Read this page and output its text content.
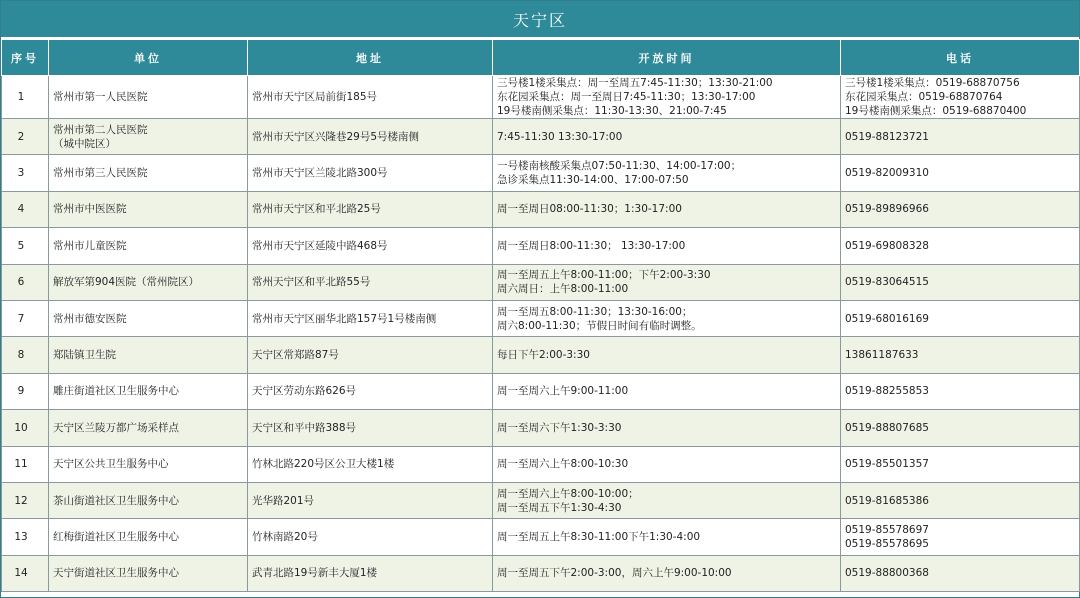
天宁区
序号	单位	地址	开放时间	电话
1	常州市第一人民医院	常州市天宁区局前街185号	三号楼1楼采集点：周一至周五7:45-11:30；13:30-21:00
东花园采集点：周一至周日7:45-11:30；13:30-17:00
19号楼南侧采集点：11:30-13:30、21:00-7:45	三号楼1楼采集点：0519-68870756
东花园采集点：0519-68870764
19号楼南侧采集点：0519-68870400

2	常州市第二人民医院
（城中院区）	常州市天宁区兴隆巷29号5号楼南侧	7:45-11:30 13:30-17:00	0519-88123721

3	常州市第三人民医院	常州市天宁区兰陵北路300号	一号楼南核酸采集点07:50-11:30、14:00-17:00；
急诊采集点11:30-14:00、17:00-07:50	0519-82009310

4	常州市中医医院	常州市天宁区和平北路25号	周一至周日08:00-11:30；1:30-17:00	0519-89896966

5	常州市儿童医院	常州市天宁区延陵中路468号	周一至周日8:00-11:30； 13:30-17:00	0519-69808328

6	解放军第904医院（常州院区）	常州天宁区和平北路55号	周一至周五上午8:00-11:00；下午2:00-3:30
周六周日：上午8:00-11:00	0519-83064515

7	常州市德安医院	常州市天宁区丽华北路157号1号楼南侧	周一至周五8:00-11:30；13:30-16:00；
周六8:00-11:30；节假日时间有临时调整。	0519-68016169

8	郑陆镇卫生院	天宁区常郑路87号	每日下午2:00-3:30	13861187633

9	雕庄街道社区卫生服务中心	天宁区劳动东路626号	周一至周六上午9:00-11:00	0519-88255853

10	天宁区兰陵万都广场采样点	天宁区和平中路388号	周一至周六下午1:30-3:30	0519-88807685

11	天宁区公共卫生服务中心	竹林北路220号区公卫大楼1楼	周一至周六上午8:00-10:30	0519-85501357

12	茶山街道社区卫生服务中心	光华路201号	周一至周六上午8:00-10:00；
周一至周五下午1:30-4:30	0519-81685386

13	红梅街道社区卫生服务中心	竹林南路20号	周一至周五上午8:30-11:00下午1:30-4:00	0519-85578697
0519-85578695

14	天宁街道社区卫生服务中心	武青北路19号新丰大厦1楼	周一至周五下午2:00-3:00，周六上午9:00-10:00	0519-88800368
